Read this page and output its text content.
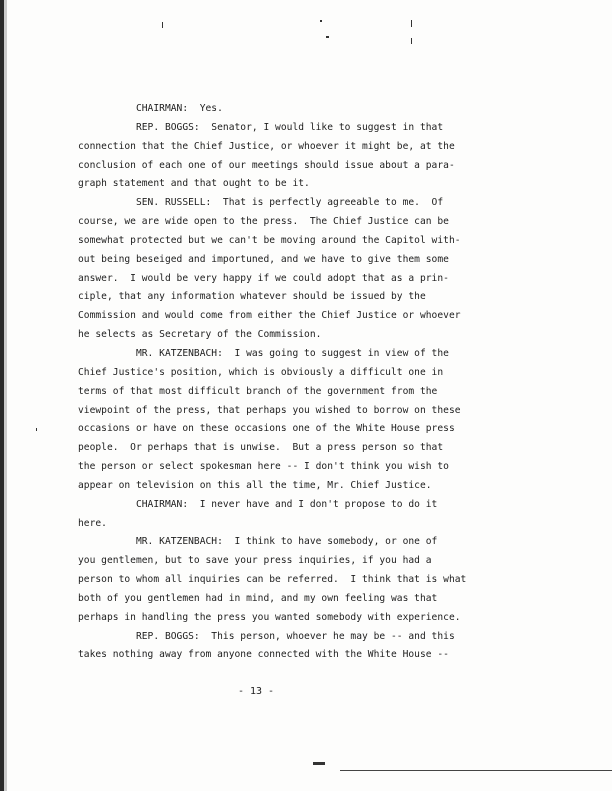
CHAIRMAN:  Yes.
REP. BOGGS:  Senator, I would like to suggest in that
connection that the Chief Justice, or whoever it might be, at the
conclusion of each one of our meetings should issue about a para-
graph statement and that ought to be it.
SEN. RUSSELL:  That is perfectly agreeable to me.  Of
course, we are wide open to the press.  The Chief Justice can be
somewhat protected but we can't be moving around the Capitol with-
out being beseiged and importuned, and we have to give them some
answer.  I would be very happy if we could adopt that as a prin-
ciple, that any information whatever should be issued by the
Commission and would come from either the Chief Justice or whoever
he selects as Secretary of the Commission.
MR. KATZENBACH:  I was going to suggest in view of the
Chief Justice's position, which is obviously a difficult one in
terms of that most difficult branch of the government from the
viewpoint of the press, that perhaps you wished to borrow on these
occasions or have on these occasions one of the White House press
people.  Or perhaps that is unwise.  But a press person so that
the person or select spokesman here -- I don't think you wish to
appear on television on this all the time, Mr. Chief Justice.
CHAIRMAN:  I never have and I don't propose to do it
here.
MR. KATZENBACH:  I think to have somebody, or one of
you gentlemen, but to save your press inquiries, if you had a
person to whom all inquiries can be referred.  I think that is what
both of you gentlemen had in mind, and my own feeling was that
perhaps in handling the press you wanted somebody with experience.
REP. BOGGS:  This person, whoever he may be -- and this
takes nothing away from anyone connected with the White House --
- 13 -
